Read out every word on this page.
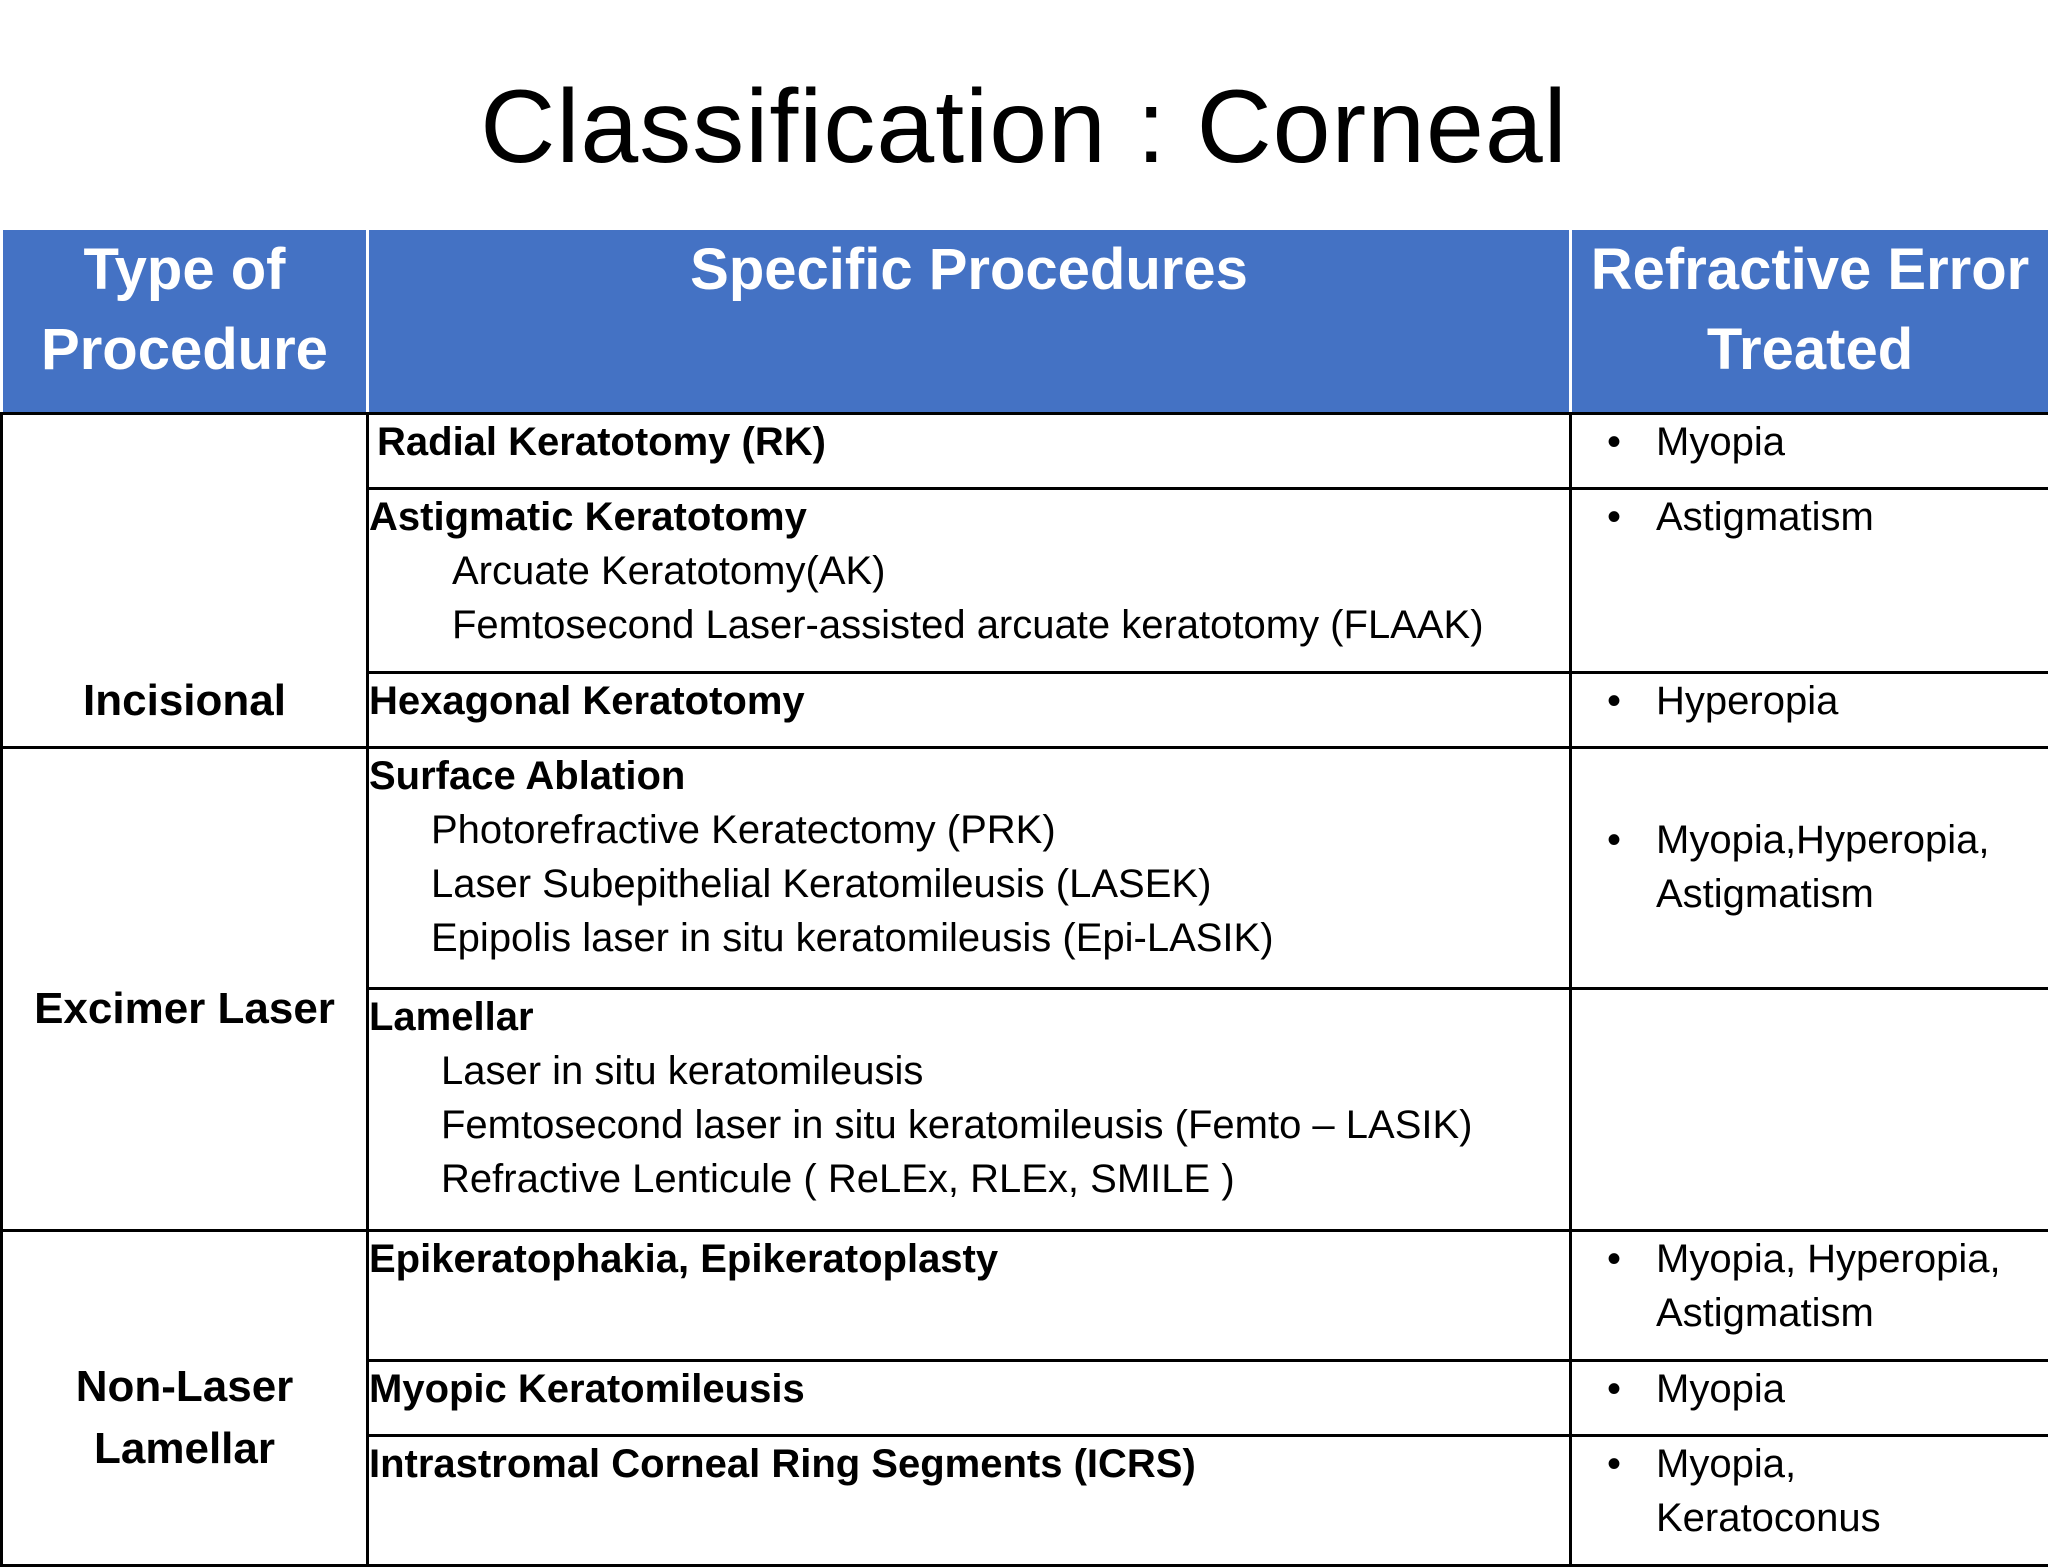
Classification : Corneal
Type of Procedure	Specific Procedures	Refractive Error Treated
Incisional	Radial Keratotomy (RK)	• Myopia

	Astigmatic Keratotomy
Arcuate Keratotomy(AK)
Femtosecond Laser-assisted arcuate keratotomy (FLAAK)	• Astigmatism

	Hexagonal Keratotomy	• Hyperopia

Excimer Laser	Surface Ablation
Photorefractive Keratectomy (PRK)
Laser Subepithelial Keratomileusis (LASEK)
Epipolis laser in situ keratomileusis (Epi-LASIK)	• Myopia,Hyperopia,
Astigmatism

	Lamellar
Laser in situ keratomileusis
Femtosecond laser in situ keratomileusis (Femto – LASIK)
Refractive Lenticule ( ReLEx, RLEx, SMILE )	

Non-Laser Lamellar	Epikeratophakia, Epikeratoplasty	• Myopia, Hyperopia,
Astigmatism

	Myopic Keratomileusis	• Myopia

	Intrastromal Corneal Ring Segments (ICRS)	• Myopia,
Keratoconus
